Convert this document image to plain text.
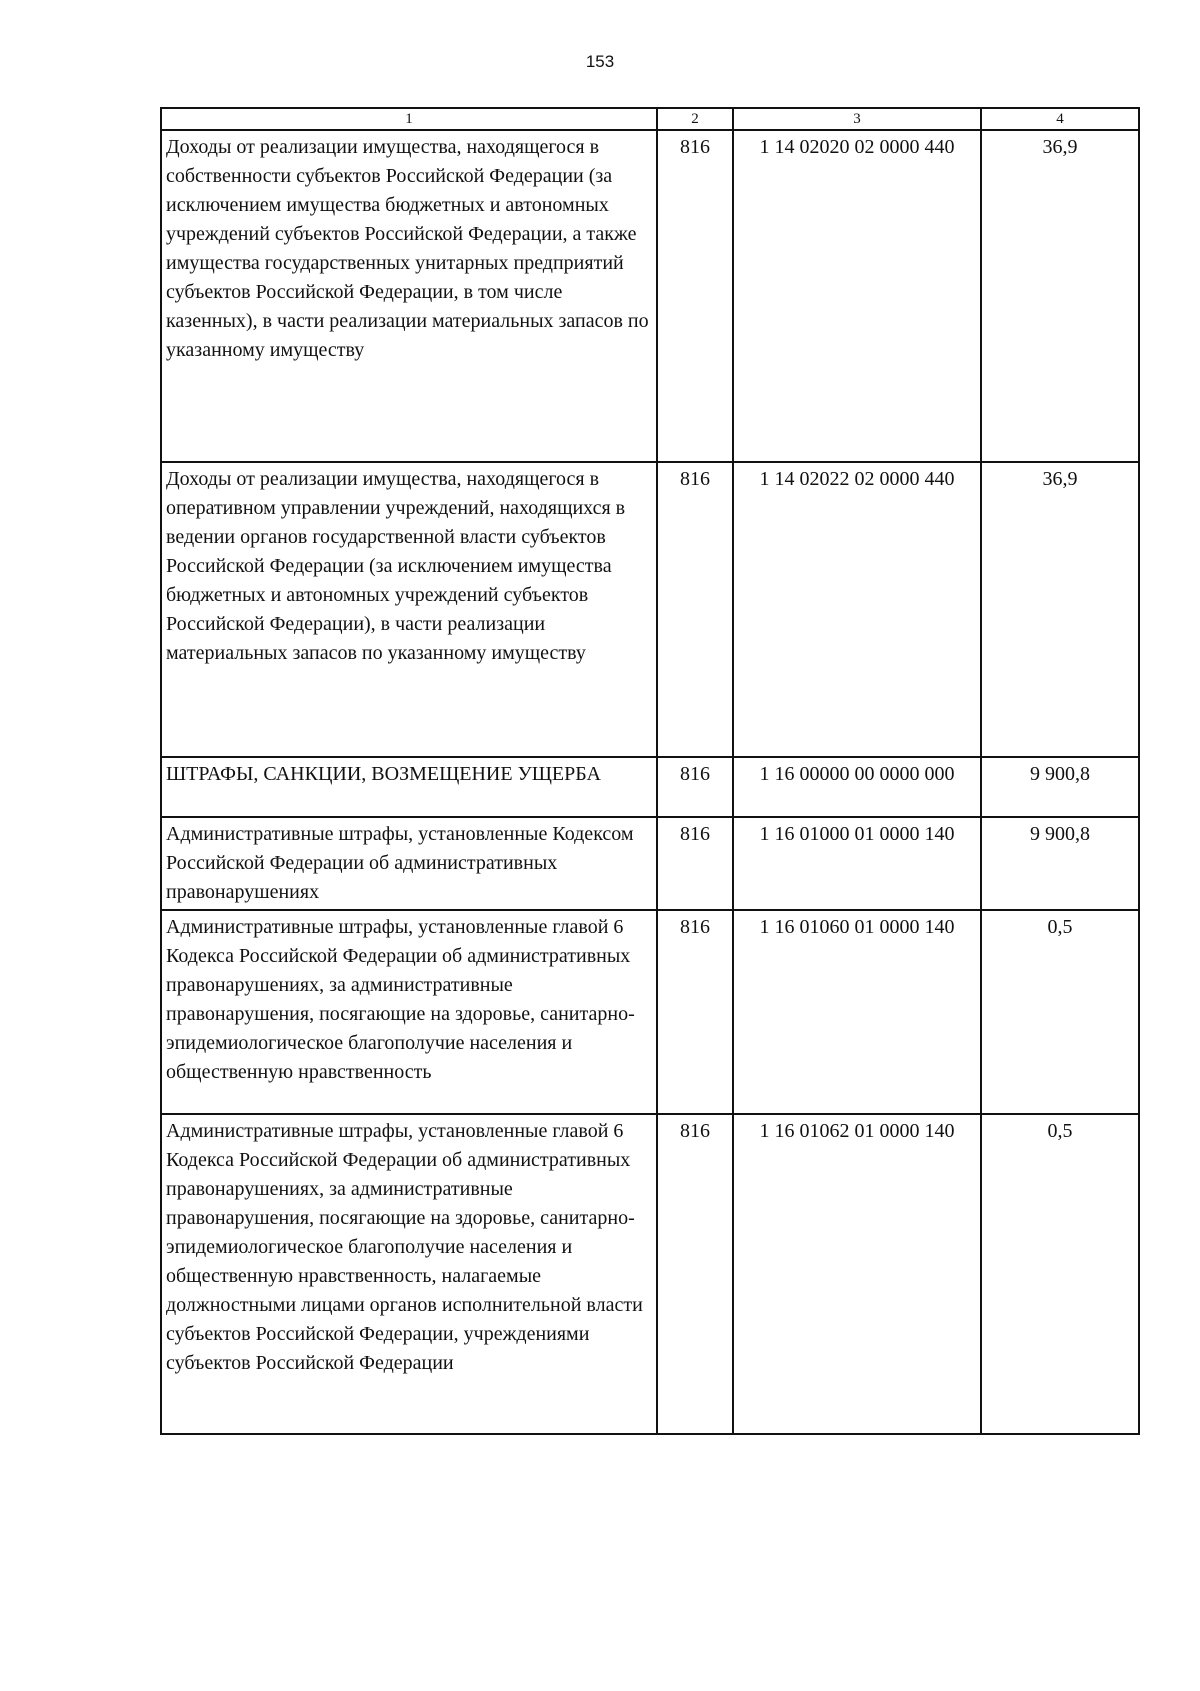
153
1	2	3	4
Доходы от реализации имущества, находящегося в собственности субъектов Российской Федерации (за исключением имущества бюджетных и автономных учреждений субъектов Российской Федерации, а также имущества государственных унитарных предприятий субъектов Российской Федерации, в том числе казенных), в части реализации материальных запасов по указанному имуществу	816	1 14 02020 02 0000 440	36,9
Доходы от реализации имущества, находящегося в оперативном управлении учреждений, находящихся в ведении органов государственной власти субъектов Российской Федерации (за исключением имущества бюджетных и автономных учреждений субъектов Российской Федерации), в части реализации материальных запасов по указанному имуществу	816	1 14 02022 02 0000 440	36,9
ШТРАФЫ, САНКЦИИ, ВОЗМЕЩЕНИЕ УЩЕРБА	816	1 16 00000 00 0000 000	9 900,8
Административные штрафы, установленные Кодексом Российской Федерации об административных правонарушениях	816	1 16 01000 01 0000 140	9 900,8
Административные штрафы, установленные главой 6 Кодекса Российской Федерации об административных правонарушениях, за административные правонарушения, посягающие на здоровье, санитарно-эпидемиологическое благополучие населения и общественную нравственность	816	1 16 01060 01 0000 140	0,5
Административные штрафы, установленные главой 6 Кодекса Российской Федерации об административных правонарушениях, за административные правонарушения, посягающие на здоровье, санитарно-эпидемиологическое благополучие населения и общественную нравственность, налагаемые должностными лицами органов исполнительной власти субъектов Российской Федерации, учреждениями субъектов Российской Федерации	816	1 16 01062 01 0000 140	0,5
